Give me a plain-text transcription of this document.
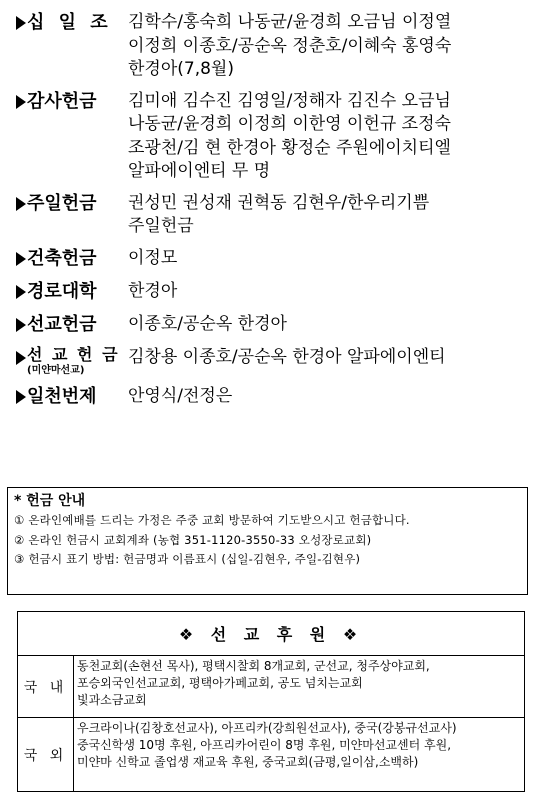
십 일 조 김학수/홍숙희 나동균/윤경희 오금님 이정열
이정희 이종호/공순옥 정춘호/이혜숙 홍영숙
한경아(7,8월)
감사헌금 김미애 김수진 김영일/정해자 김진수 오금님
나동균/윤경희 이정희 이한영 이헌규 조정숙
조광천/김 현 한경아 황정순 주원에이치티엘
알파에이엔티 무 명
주일헌금 권성민 권성재 권혁동 김현우/한우리기쁨
주일헌금
건축헌금 이정모
경로대학 한경아
선교헌금 이종호/공순옥 한경아
선 교 헌 금
(미얀마선교)
김창용 이종호/공순옥 한경아 알파에이엔티
일천번제 안영식/전정은
* 헌금 안내
① 온라인예배를 드리는 가정은 주중 교회 방문하여 기도받으시고 헌금합니다.
② 온라인 헌금시 교회계좌 (농협 351-1120-3550-33 오성장로교회)
③ 헌금시 표기 방법: 헌금명과 이름표시 (십일-김현우, 주일-김현우)
❖ 선 교 후 원 ❖
국 내
동천교회(손현선 목사), 평택시찰회 8개교회, 군선교, 청주상야교회,
포승외국인선교교회, 평택아가페교회, 공도 넘치는교회
빛과소금교회
국 외
우크라이나(김창호선교사), 아프리카(강희원선교사), 중국(강봉규선교사)
중국신학생 10명 후원, 아프리카어린이 8명 후원, 미얀마선교센터 후원,
미얀마 신학교 졸업생 재교육 후원, 중국교회(금평,일이삼,소백하)
